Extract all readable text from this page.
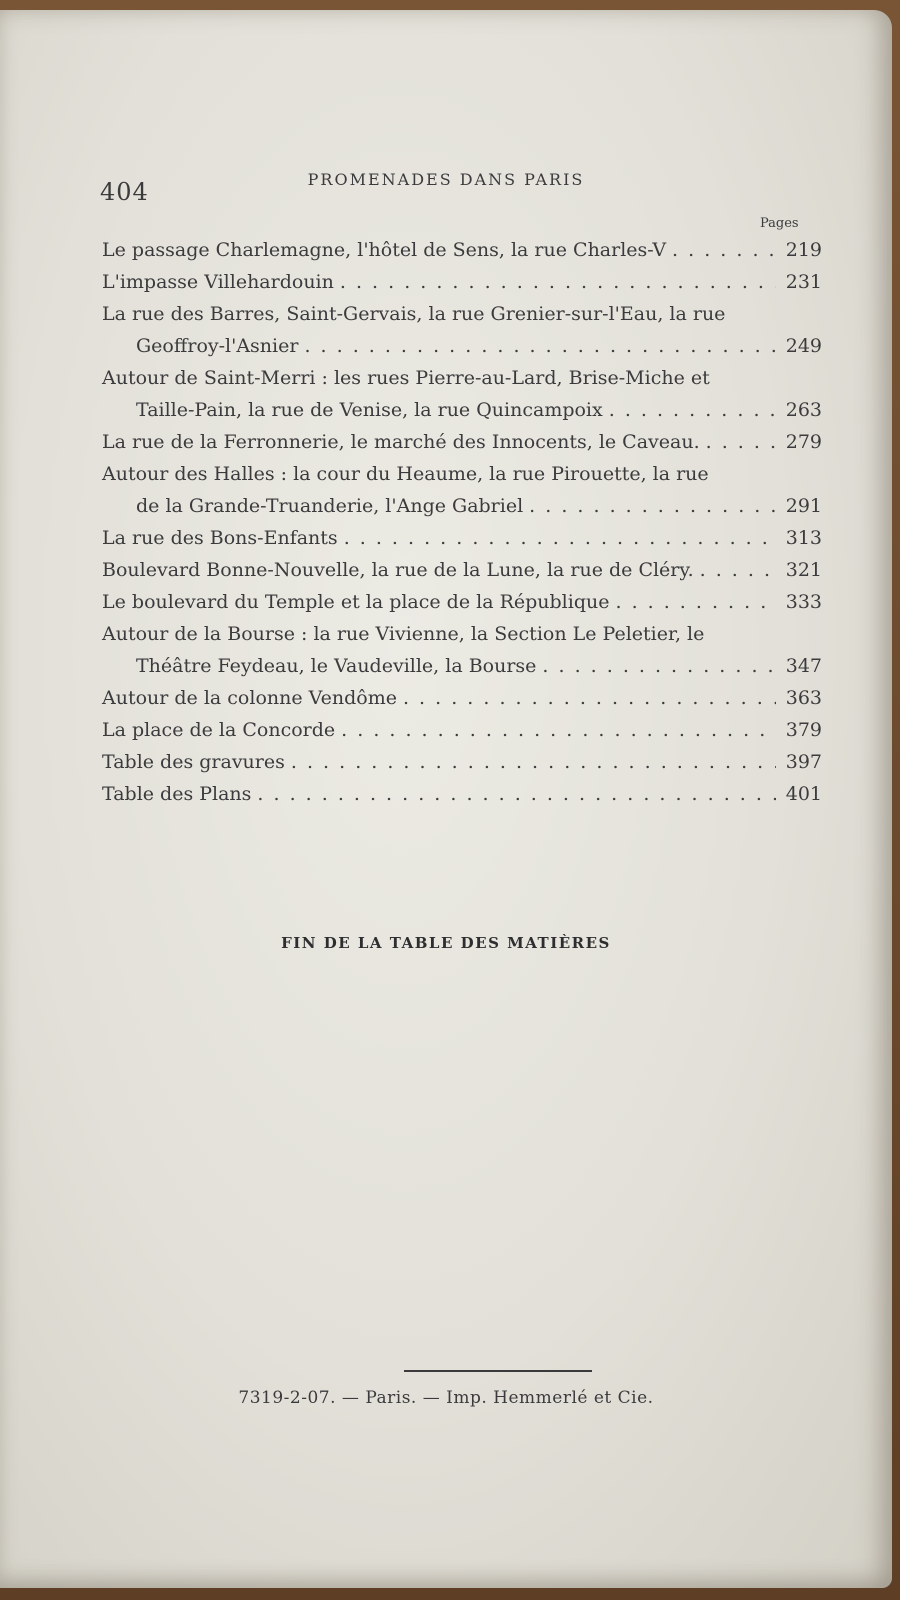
404	PROMENADES DANS PARIS
Pages
Le passage Charlemagne, l'hôtel de Sens, la rue Charles-V . . .	219
L'impasse Villehardouin . . .	231
La rue des Barres, Saint-Gervais, la rue Grenier-sur-l'Eau, la rue
Geoffroy-l'Asnier . . .	249
Autour de Saint-Merri : les rues Pierre-au-Lard, Brise-Miche et
Taille-Pain, la rue de Venise, la rue Quincampoix . . .	263
La rue de la Ferronnerie, le marché des Innocents, le Caveau. . . .	279
Autour des Halles : la cour du Heaume, la rue Pirouette, la rue
de la Grande-Truanderie, l'Ange Gabriel . . .	291
La rue des Bons-Enfants . . .	313
Boulevard Bonne-Nouvelle, la rue de la Lune, la rue de Cléry. . . .	321
Le boulevard du Temple et la place de la République . . .	333
Autour de la Bourse : la rue Vivienne, la Section Le Peletier, le
Théâtre Feydeau, le Vaudeville, la Bourse . . .	347
Autour de la colonne Vendôme . . .	363
La place de la Concorde . . .	379
Table des gravures . . .	397
Table des Plans . . .	401
FIN DE LA TABLE DES MATIÈRES
7319-2-07. — Paris. — Imp. Hemmerlé et Cie.
